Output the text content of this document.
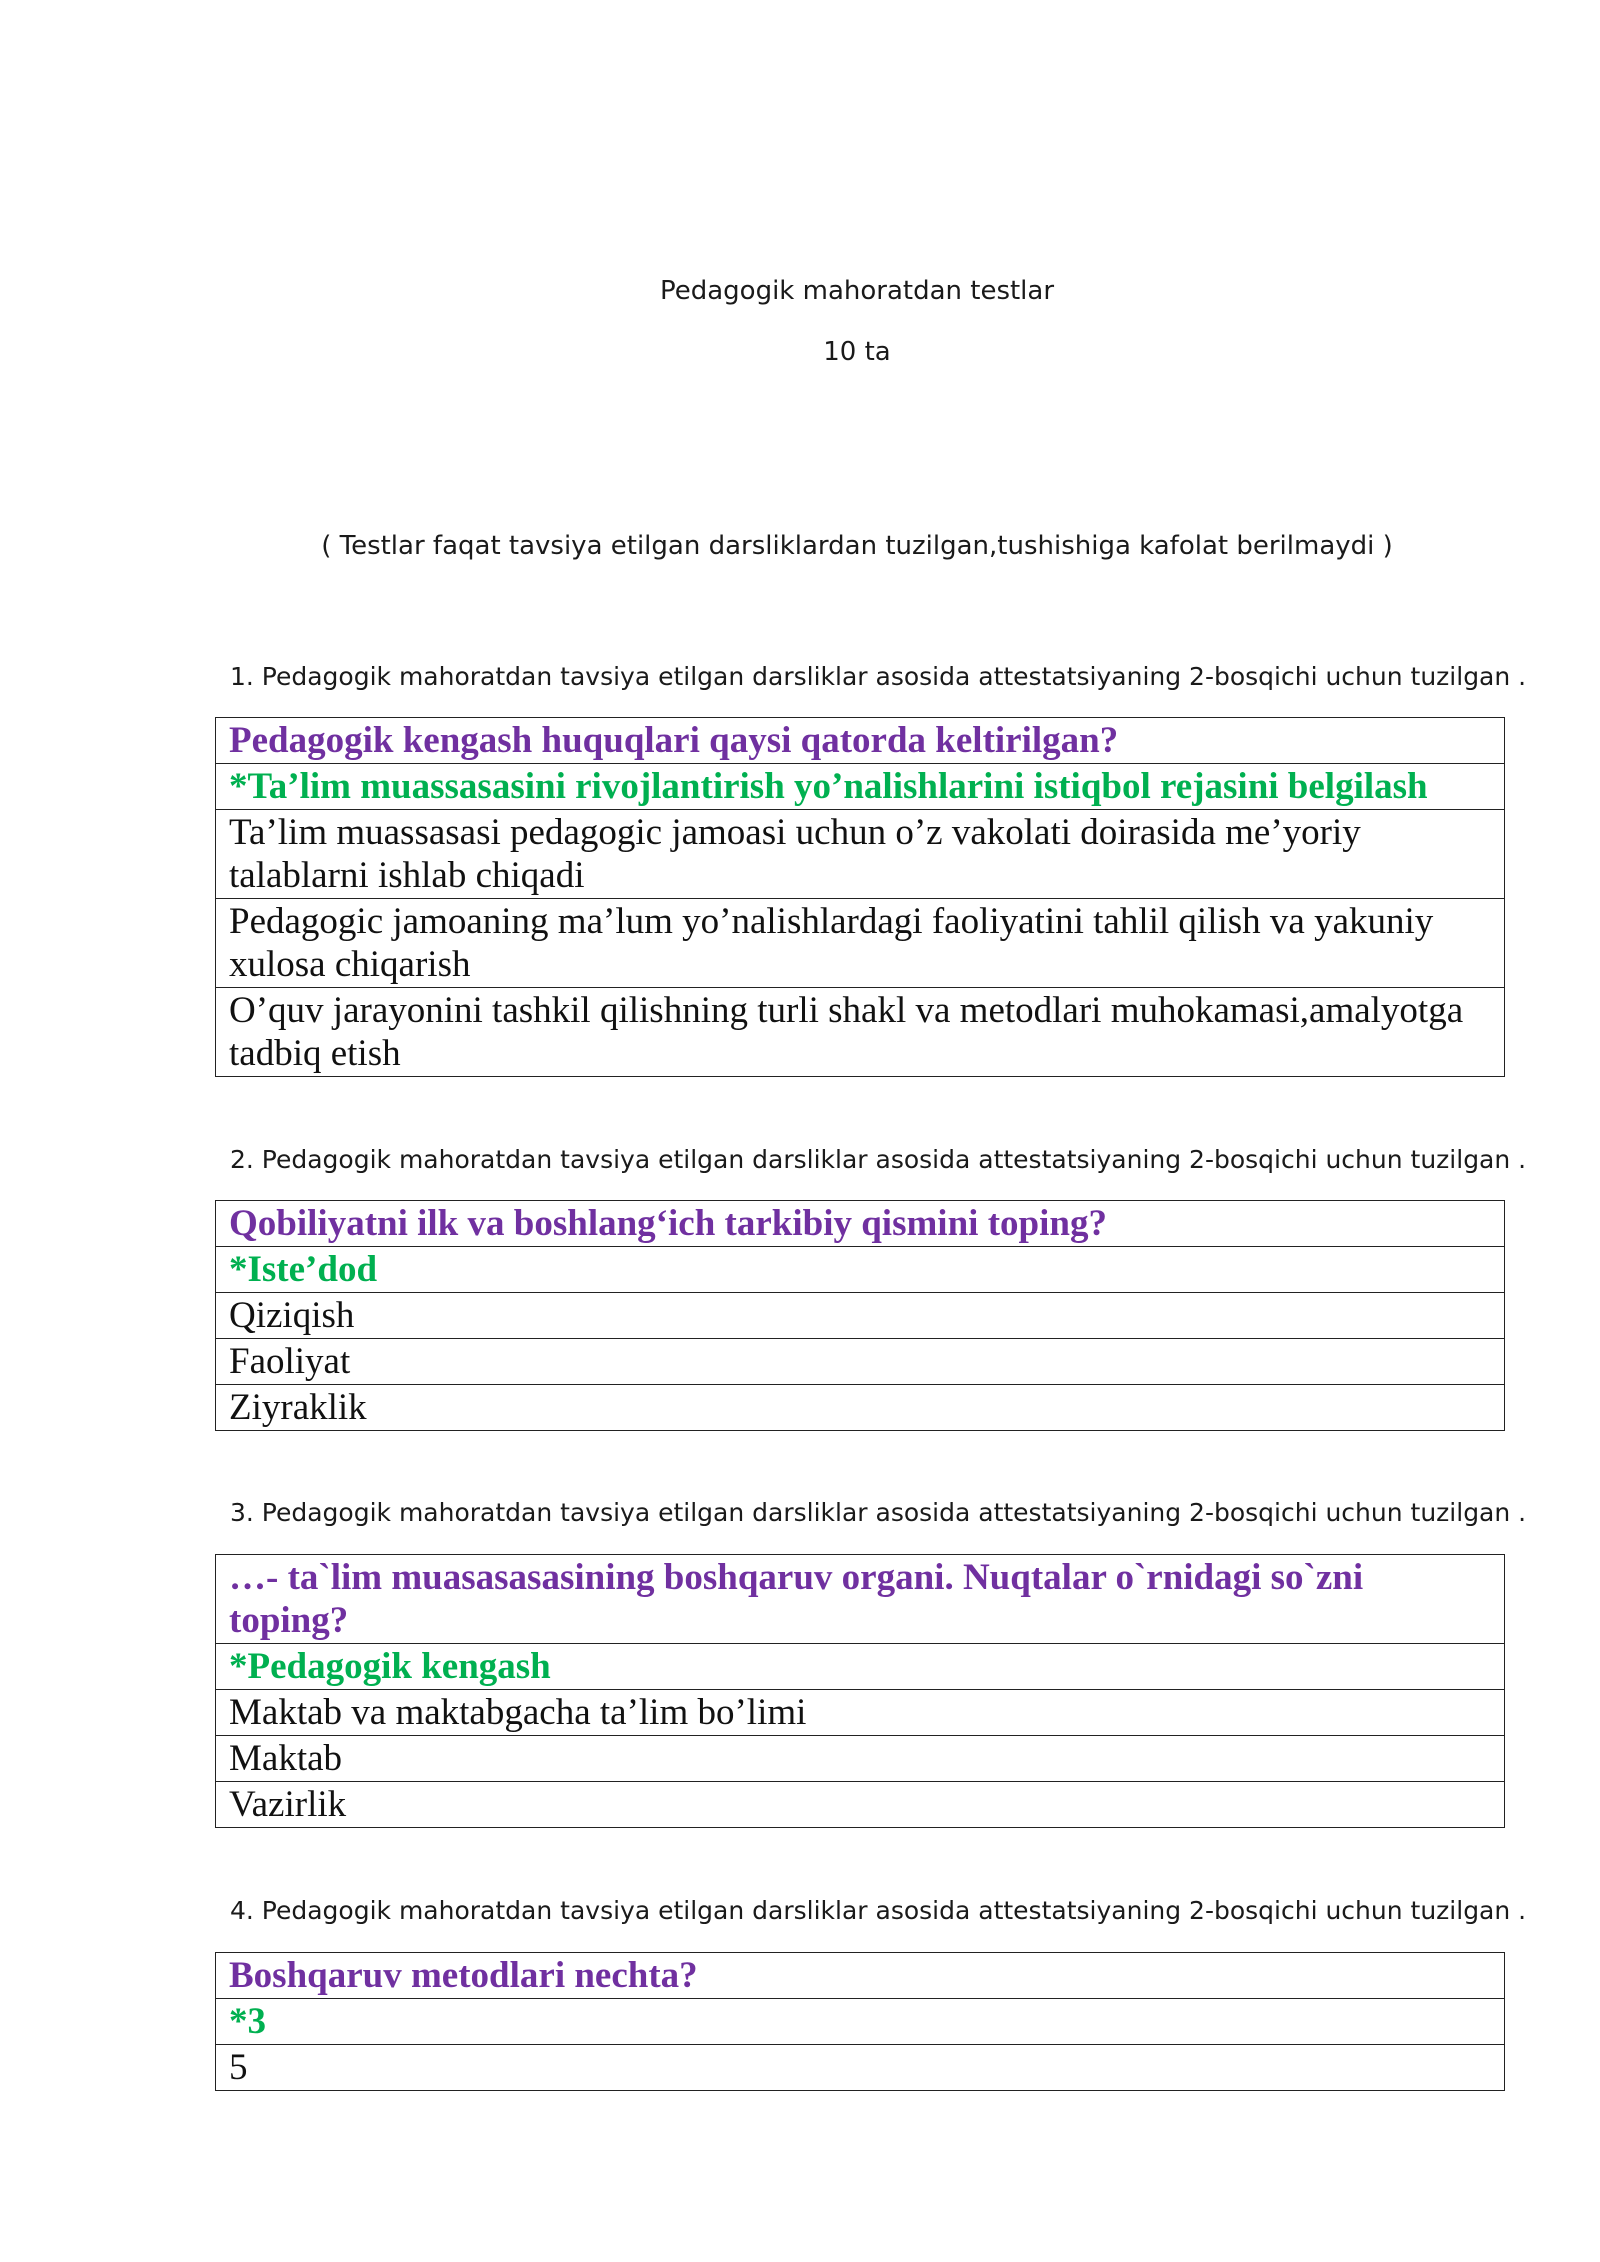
Pedagogik mahoratdan testlar
10 ta
( Testlar faqat tavsiya etilgan darsliklardan tuzilgan,tushishiga kafolat berilmaydi )
1. Pedagogik mahoratdan tavsiya etilgan darsliklar asosida attestatsiyaning 2-bosqichi uchun tuzilgan .
Pedagogik kengash huquqlari qaysi qatorda keltirilgan?
*Ta’lim muassasasini rivojlantirish yo’nalishlarini istiqbol rejasini belgilash
Ta’lim muassasasi pedagogic jamoasi uchun o’z vakolati doirasida me’yoriy talablarni ishlab chiqadi
Pedagogic jamoaning ma’lum yo’nalishlardagi faoliyatini tahlil qilish va yakuniy xulosa chiqarish
O’quv jarayonini tashkil qilishning turli shakl va metodlari muhokamasi,amalyotga tadbiq etish
2. Pedagogik mahoratdan tavsiya etilgan darsliklar asosida attestatsiyaning 2-bosqichi uchun tuzilgan .
Qobiliyatni ilk va boshlang‘ich tarkibiy qismini toping?
*Iste’dod
Qiziqish
Faoliyat
Ziyraklik
3. Pedagogik mahoratdan tavsiya etilgan darsliklar asosida attestatsiyaning 2-bosqichi uchun tuzilgan .
…- ta`lim muasasasasining boshqaruv organi. Nuqtalar o`rnidagi so`zni toping?
*Pedagogik kengash
Maktab va maktabgacha ta’lim bo’limi
Maktab
Vazirlik
4. Pedagogik mahoratdan tavsiya etilgan darsliklar asosida attestatsiyaning 2-bosqichi uchun tuzilgan .
Boshqaruv metodlari nechta?
*3
5
